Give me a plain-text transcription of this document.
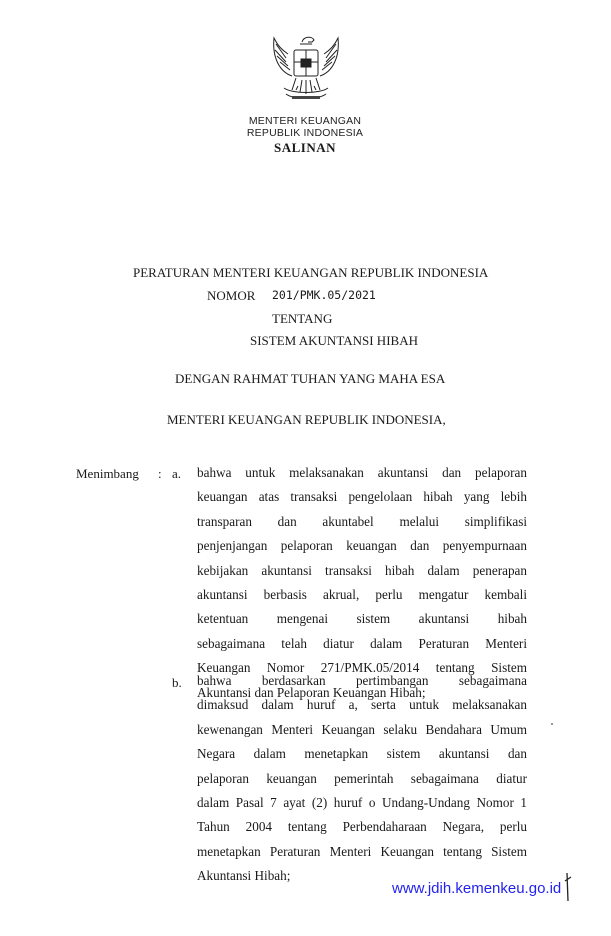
MENTERI KEUANGAN
REPUBLIK INDONESIA
SALINAN
PERATURAN MENTERI KEUANGAN REPUBLIK INDONESIA
NOMOR 201/PMK.05/2021
TENTANG
SISTEM AKUNTANSI HIBAH
DENGAN RAHMAT TUHAN YANG MAHA ESA
MENTERI KEUANGAN REPUBLIK INDONESIA,
Menimbang : a. bahwa untuk melaksanakan akuntansi dan pelaporan
keuangan atas transaksi pengelolaan hibah yang lebih
transparan dan akuntabel melalui simplifikasi
penjenjangan pelaporan keuangan dan penyempurnaan
kebijakan akuntansi transaksi hibah dalam penerapan
akuntansi berbasis akrual, perlu mengatur kembali
ketentuan mengenai sistem akuntansi hibah
sebagaimana telah diatur dalam Peraturan Menteri
Keuangan Nomor 271/PMK.05/2014 tentang Sistem
Akuntansi dan Pelaporan Keuangan Hibah;
b. bahwa berdasarkan pertimbangan sebagaimana
dimaksud dalam huruf a, serta untuk melaksanakan
kewenangan Menteri Keuangan selaku Bendahara Umum
Negara dalam menetapkan sistem akuntansi dan
pelaporan keuangan pemerintah sebagaimana diatur
dalam Pasal 7 ayat (2) huruf o Undang-Undang Nomor 1
Tahun 2004 tentang Perbendaharaan Negara, perlu
menetapkan Peraturan Menteri Keuangan tentang Sistem
Akuntansi Hibah;
www.jdih.kemenkeu.go.id
